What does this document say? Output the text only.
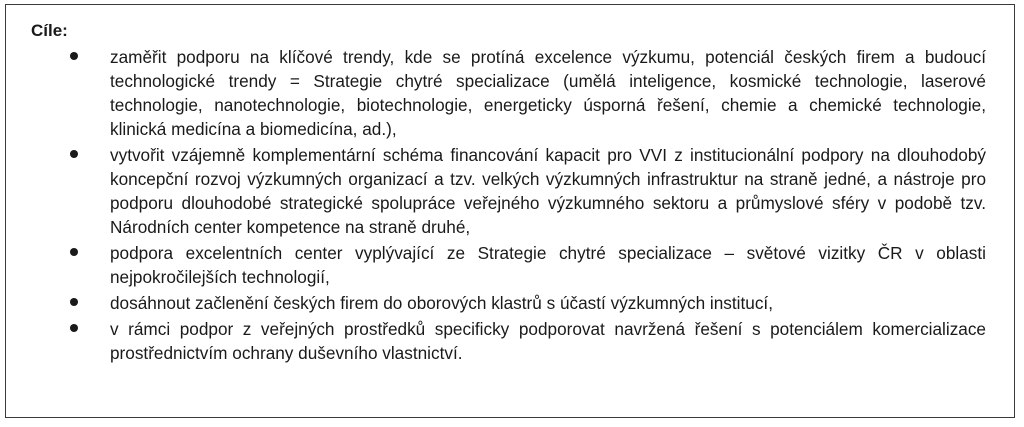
Cíle:
zaměřit podporu na klíčové trendy, kde se protíná excelence výzkumu, potenciál českých firem a budoucí technologické trendy = Strategie chytré specializace (umělá inteligence, kosmické technologie, laserové technologie, nanotechnologie, biotechnologie, energeticky úsporná řešení, chemie a chemické technologie, klinická medicína a biomedicína, ad.),
vytvořit vzájemně komplementární schéma financování kapacit pro VVI z institucionální podpory na dlouhodobý koncepční rozvoj výzkumných organizací a tzv. velkých výzkumných infrastruktur na straně jedné, a nástroje pro podporu dlouhodobé strategické spolupráce veřejného výzkumného sektoru a průmyslové sféry v podobě tzv. Národních center kompetence na straně druhé,
podpora excelentních center vyplývající ze Strategie chytré specializace – světové vizitky ČR v oblasti nejpokročilejších technologií,
dosáhnout začlenění českých firem do oborových klastrů s účastí výzkumných institucí,
v rámci podpor z veřejných prostředků specificky podporovat navržená řešení s potenciálem komercializace prostřednictvím ochrany duševního vlastnictví.
